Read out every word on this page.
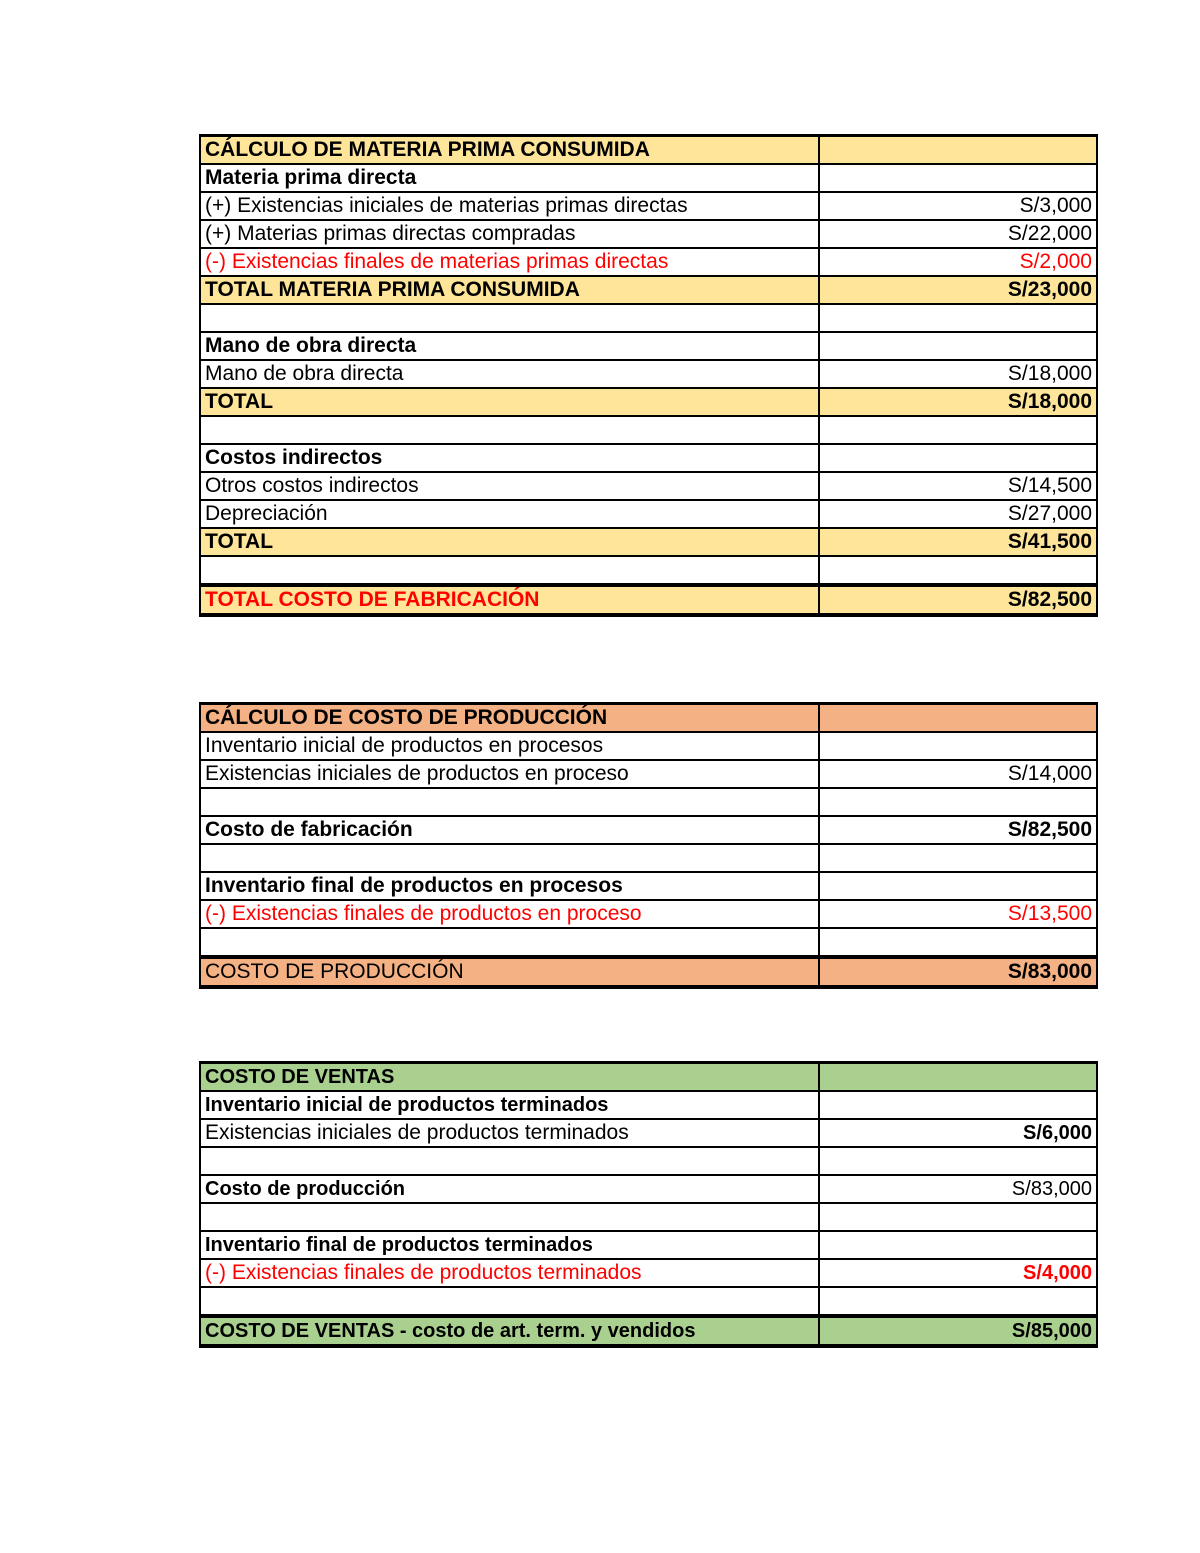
CÁLCULO DE MATERIA PRIMA CONSUMIDA	
Materia prima directa	
(+) Existencias iniciales de materias primas directas	S/3,000
(+) Materias primas directas compradas	S/22,000
(-) Existencias finales de materias primas directas	S/2,000
TOTAL MATERIA PRIMA CONSUMIDA	S/23,000

Mano de obra directa	
Mano de obra directa	S/18,000
TOTAL	S/18,000

Costos indirectos	
Otros costos indirectos	S/14,500
Depreciación	S/27,000
TOTAL	S/41,500

TOTAL COSTO DE FABRICACIÓN	S/82,500
CÁLCULO DE COSTO DE PRODUCCIÓN	
Inventario inicial de productos en procesos	
Existencias iniciales de productos en proceso	S/14,000

Costo de fabricación	S/82,500

Inventario final de productos en procesos	
(-) Existencias finales de productos en proceso	S/13,500

COSTO DE PRODUCCIÓN	S/83,000
COSTO DE VENTAS	
Inventario inicial de productos terminados	
Existencias iniciales de productos terminados	S/6,000

Costo de producción	S/83,000

Inventario final de productos terminados	
(-) Existencias finales de productos terminados	S/4,000

COSTO DE VENTAS - costo de art. term. y vendidos	S/85,000
